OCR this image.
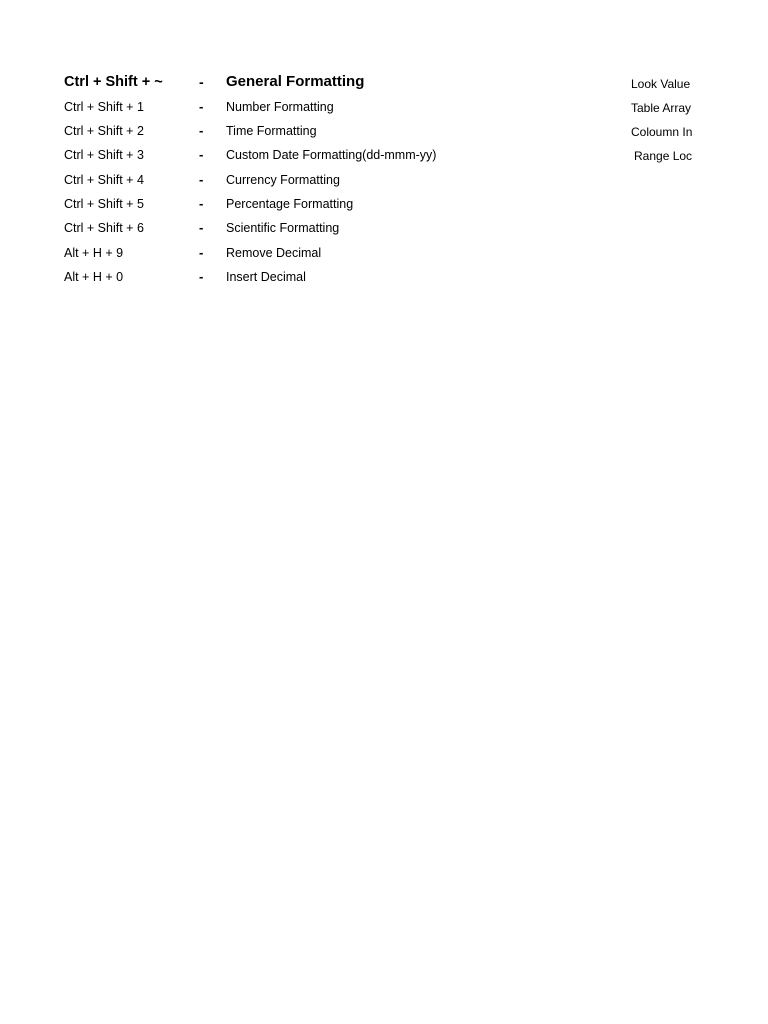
Ctrl + Shift + ~	- General Formatting
Ctrl + Shift + 1	- Number Formatting
Ctrl + Shift + 2	- Time Formatting
Ctrl + Shift + 3	- Custom Date Formatting(dd-mmm-yy)
Ctrl + Shift + 4	- Currency Formatting
Ctrl + Shift + 5	- Percentage Formatting
Ctrl + Shift + 6	- Scientific Formatting
Alt + H + 9	- Remove Decimal
Alt + H + 0	- Insert Decimal
Look Value
Table Array
Coloumn In
Range Loc
